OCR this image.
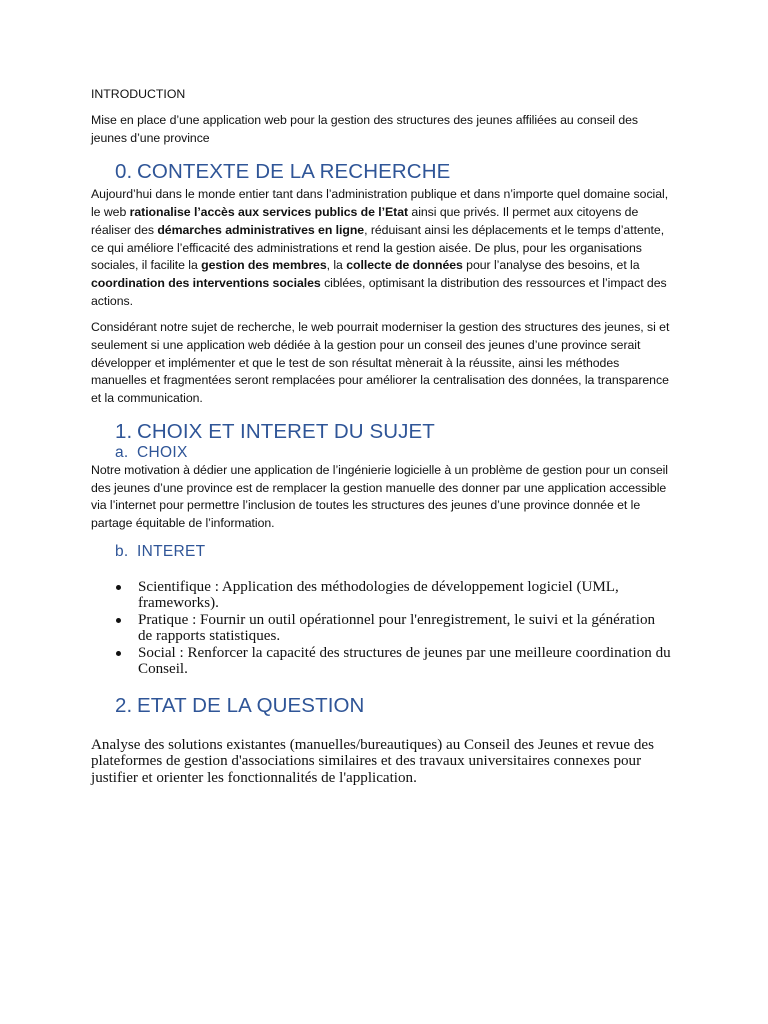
INTRODUCTION

Mise en place d’une application web pour la gestion des structures des jeunes affiliées au conseil des jeunes d’une province

0. CONTEXTE DE LA RECHERCHE

Aujourd’hui dans le monde entier tant dans l’administration publique et dans n’importe quel domaine social, le web rationalise l’accès aux services publics de l’Etat ainsi que privés. Il permet aux citoyens de réaliser des démarches administratives en ligne, réduisant ainsi les déplacements et le temps d’attente, ce qui améliore l’efficacité des administrations et rend la gestion aisée. De plus, pour les organisations sociales, il facilite la gestion des membres, la collecte de données pour l’analyse des besoins, et la coordination des interventions sociales ciblées, optimisant la distribution des ressources et l’impact des actions.

Considérant notre sujet de recherche, le web pourrait moderniser la gestion des structures des jeunes, si et seulement si une application web dédiée à la gestion pour un conseil des jeunes d’une province serait développer et implémenter et que le test de son résultat mènerait à la réussite, ainsi les méthodes manuelles et fragmentées seront remplacées pour améliorer la centralisation des données, la transparence et la communication.

1. CHOIX ET INTERET DU SUJET
a. CHOIX

Notre motivation à dédier une application de l’ingénierie logicielle à un problème de gestion pour un conseil des jeunes d’une province est de remplacer la gestion manuelle des donner par une application accessible via l’internet pour permettre l’inclusion de toutes les structures des jeunes d’une province donnée et le partage équitable de l’information.

b. INTERET
Scientifique : Application des méthodologies de développement logiciel (UML, frameworks).
Pratique : Fournir un outil opérationnel pour l'enregistrement, le suivi et la génération de rapports statistiques.
Social : Renforcer la capacité des structures de jeunes par une meilleure coordination du Conseil.
2. ETAT DE LA QUESTION

Analyse des solutions existantes (manuelles/bureautiques) au Conseil des Jeunes et revue des plateformes de gestion d'associations similaires et des travaux universitaires connexes pour justifier et orienter les fonctionnalités de l'application.
